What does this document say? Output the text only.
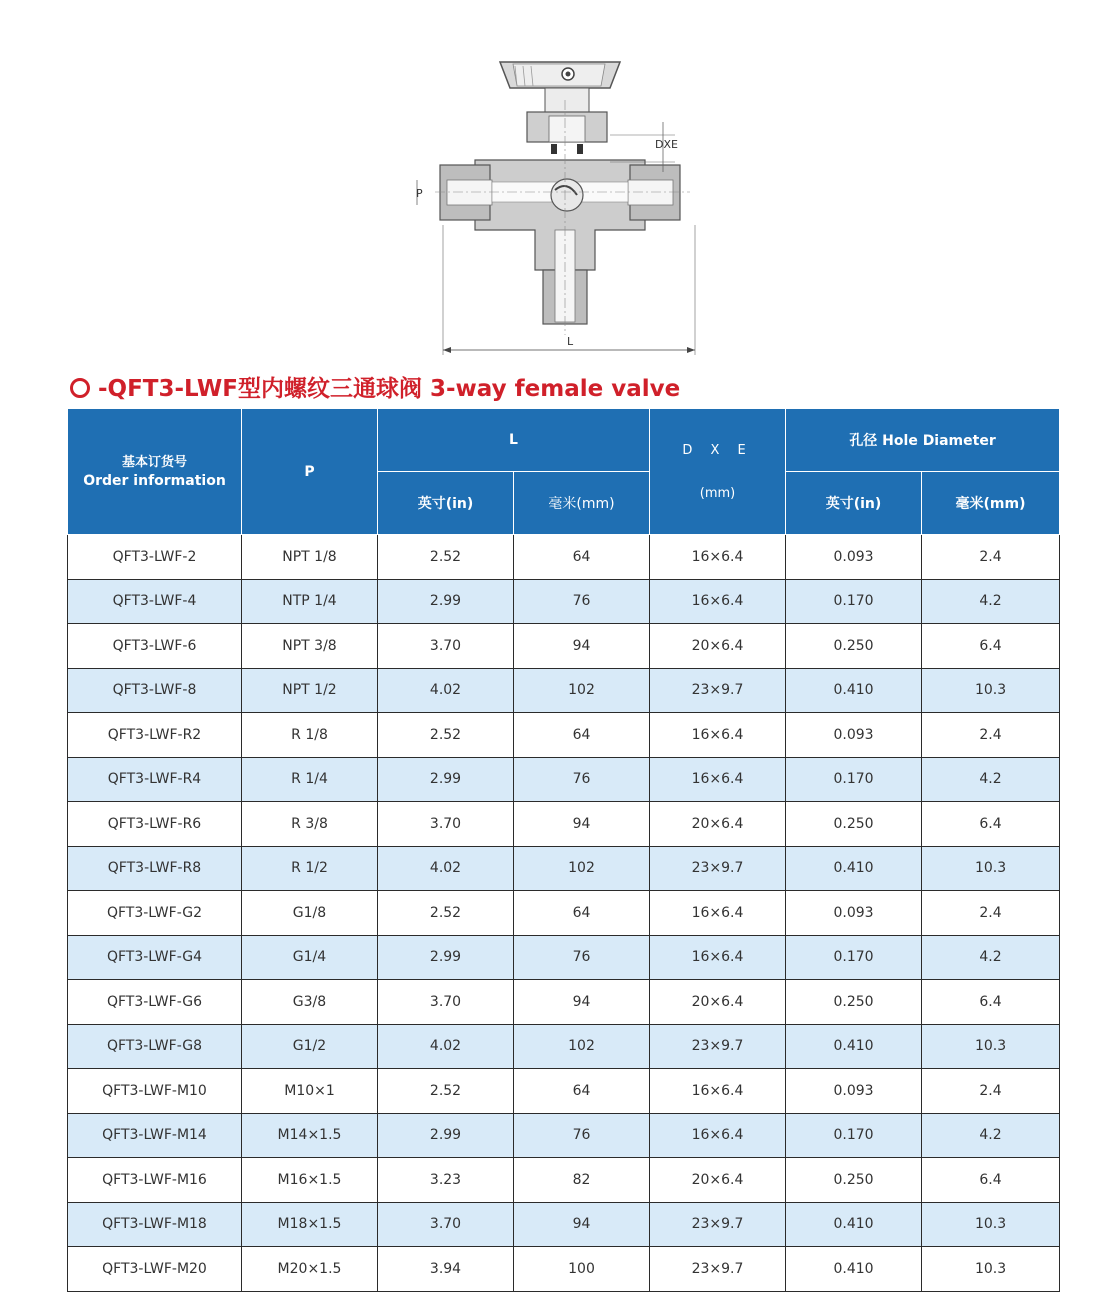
DXE
P
L
-QFT3-LWF型内螺纹三通球阀 3-way female valve
基本订货号
Order information	P	L		D X E
(mm)	孔径 Hole Diameter	
		英寸(in)	毫米(mm)		英寸(in)	毫米(mm)
QFT3-LWF-2	NPT 1/8	2.52	64	16×6.4	0.093	2.4
QFT3-LWF-4	NTP 1/4	2.99	76	16×6.4	0.170	4.2
QFT3-LWF-6	NPT 3/8	3.70	94	20×6.4	0.250	6.4
QFT3-LWF-8	NPT 1/2	4.02	102	23×9.7	0.410	10.3
QFT3-LWF-R2	R 1/8	2.52	64	16×6.4	0.093	2.4
QFT3-LWF-R4	R 1/4	2.99	76	16×6.4	0.170	4.2
QFT3-LWF-R6	R 3/8	3.70	94	20×6.4	0.250	6.4
QFT3-LWF-R8	R 1/2	4.02	102	23×9.7	0.410	10.3
QFT3-LWF-G2	G1/8	2.52	64	16×6.4	0.093	2.4
QFT3-LWF-G4	G1/4	2.99	76	16×6.4	0.170	4.2
QFT3-LWF-G6	G3/8	3.70	94	20×6.4	0.250	6.4
QFT3-LWF-G8	G1/2	4.02	102	23×9.7	0.410	10.3
QFT3-LWF-M10	M10×1	2.52	64	16×6.4	0.093	2.4
QFT3-LWF-M14	M14×1.5	2.99	76	16×6.4	0.170	4.2
QFT3-LWF-M16	M16×1.5	3.23	82	20×6.4	0.250	6.4
QFT3-LWF-M18	M18×1.5	3.70	94	23×9.7	0.410	10.3
QFT3-LWF-M20	M20×1.5	3.94	100	23×9.7	0.410	10.3
